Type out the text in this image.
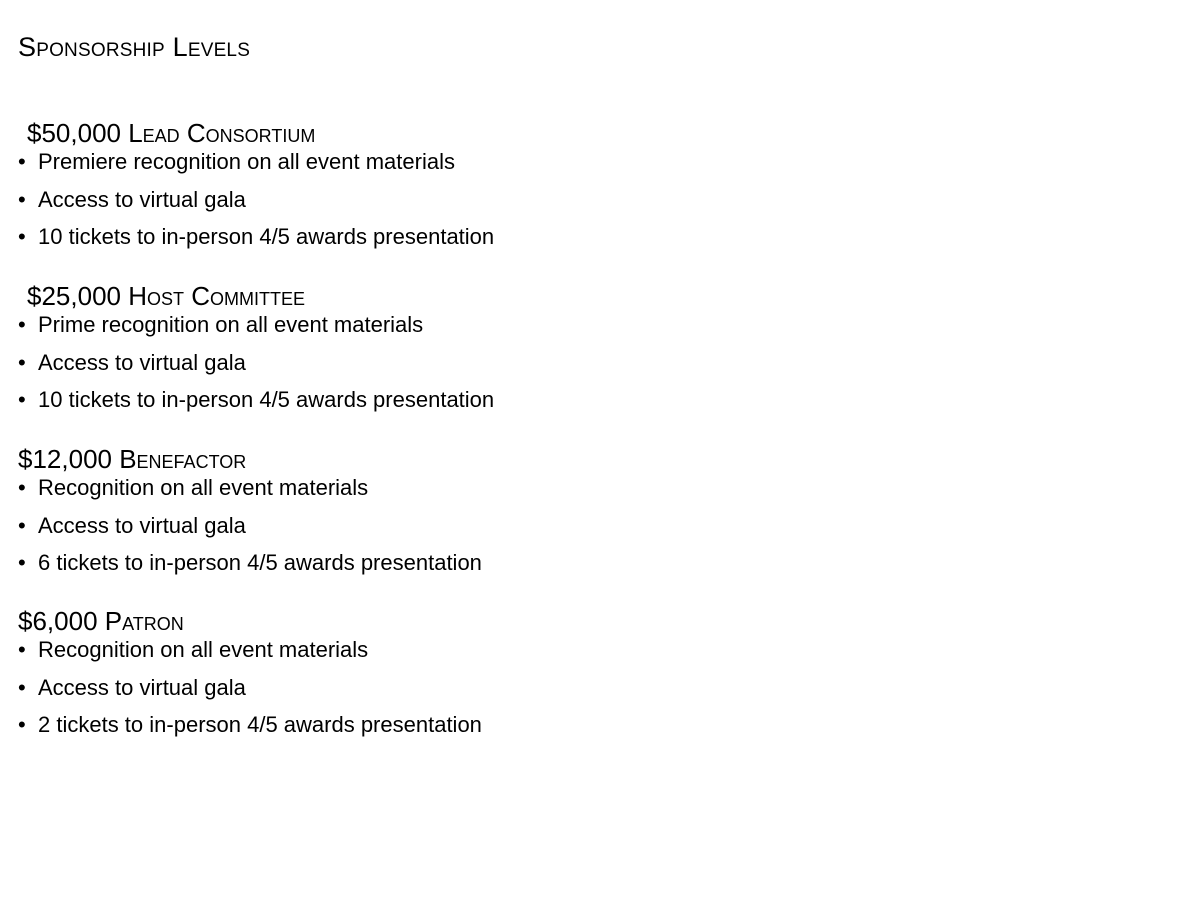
Sponsorship Levels
$50,000 Lead Consortium
• Premiere recognition on all event materials
• Access to virtual gala
• 10 tickets to in-person 4/5 awards presentation
$25,000 Host Committee
• Prime recognition on all event materials
• Access to virtual gala
• 10 tickets to in-person 4/5 awards presentation
$12,000 Benefactor
• Recognition on all event materials
• Access to virtual gala
• 6 tickets to in-person 4/5 awards presentation
$6,000 Patron
• Recognition on all event materials
• Access to virtual gala
• 2 tickets to in-person 4/5 awards presentation
